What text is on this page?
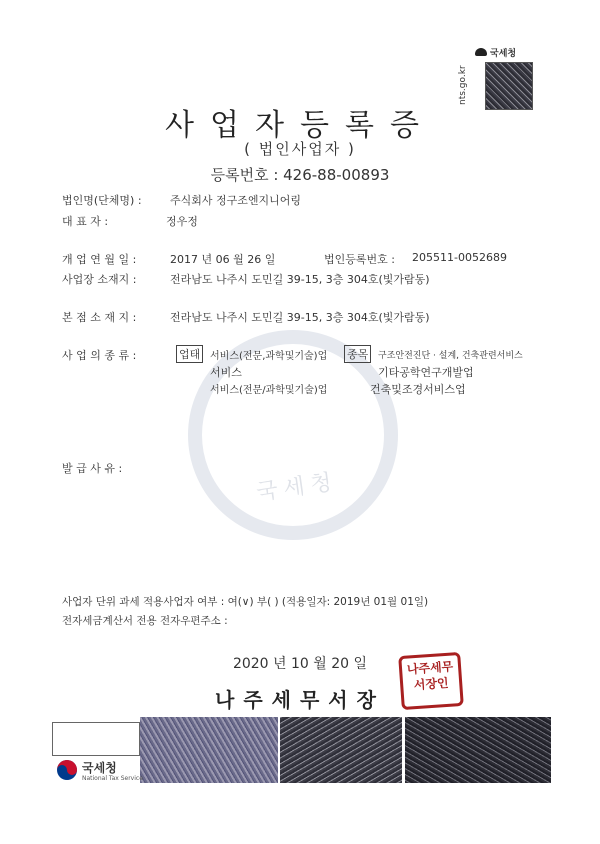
국세청
nts.go.kr
국세청
사업자등록증
( 법인사업자 )
등록번호 : 426-88-00893
법인명(단체명) :	주식회사 정구조엔지니어링
대 표 자 :	정우정
개 업 연 월 일 :	2017 년 06 월 26 일	법인등록번호 : 205511-0052689
사업장 소재지 :	전라남도 나주시 도민길 39-15, 3층 304호(빛가람동)
본 점 소 재 지 :	전라남도 나주시 도민길 39-15, 3층 304호(빛가람동)
사 업 의 종 류 :	업태 서비스(전문,과학및기술)업 종목	구조안전진단 · 설계, 건축관련서비스
서비스	기타공학연구개발업
서비스(전문/과학및기술)업	건축및조경서비스업
발 급 사 유 :
사업자 단위 과세 적용사업자 여부 : 여(∨) 부( ) (적용일자: 2019년 01월 01일)
전자세금계산서 전용 전자우편주소 :
2020 년 10 월 20 일
나주세무서장
나주세무서장인
국세청
National Tax Service
